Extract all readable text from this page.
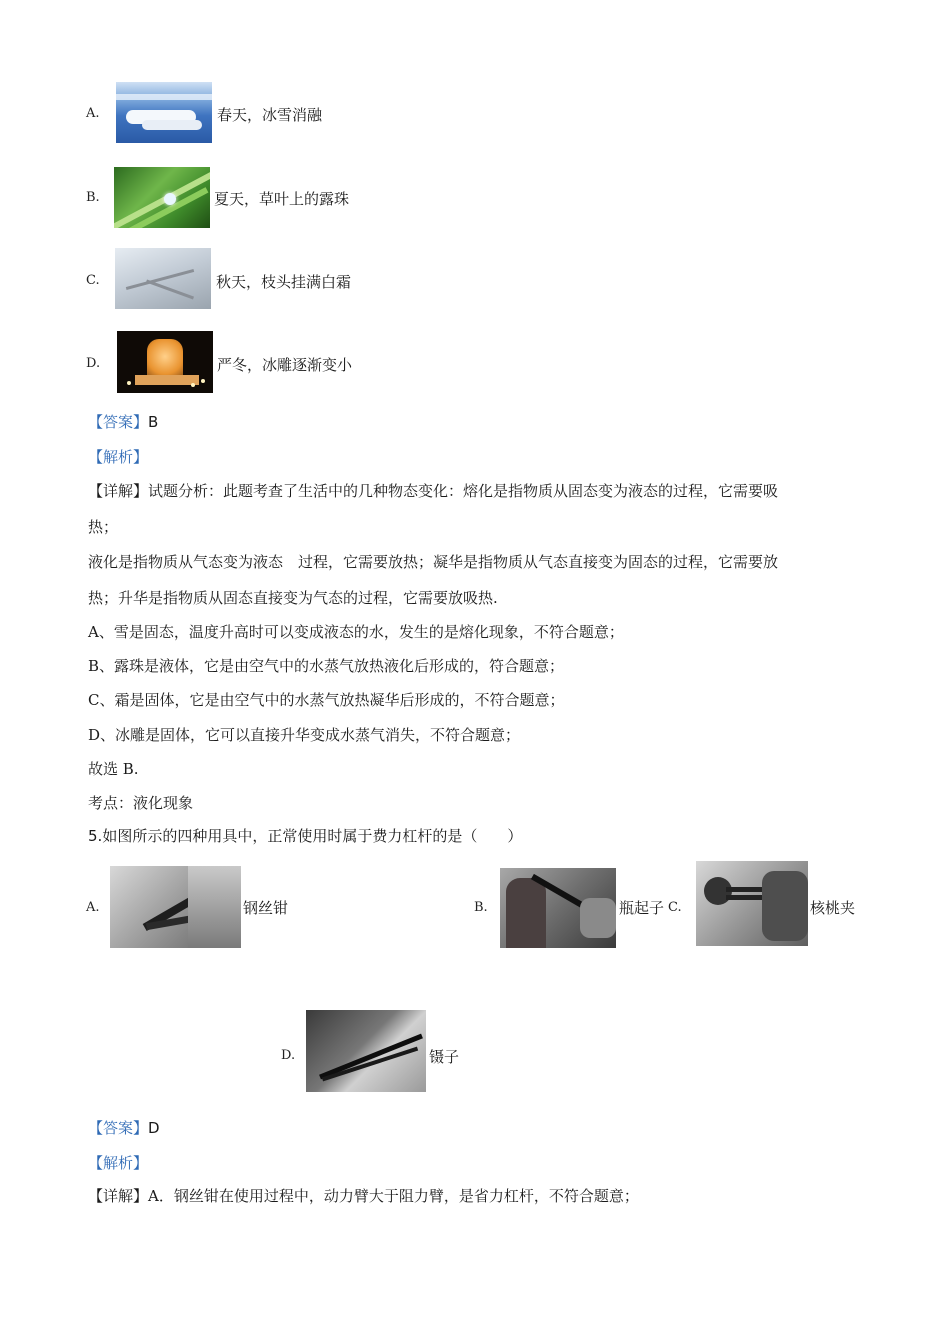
A.	春天，冰雪消融
B.	夏天，草叶上的露珠
C.	秋天，枝头挂满白霜
D.	严冬，冰雕逐渐变小
【答案】B
【解析】
【详解】试题分析：此题考查了生活中的几种物态变化：熔化是指物质从固态变为液态的过程，它需要吸
热；
液化是指物质从气态变为液态　过程，它需要放热；凝华是指物质从气态直接变为固态的过程，它需要放
热；升华是指物质从固态直接变为气态的过程，它需要放吸热.
A、雪是固态，温度升高时可以变成液态的水，发生的是熔化现象，不符合题意；
B、露珠是液体，它是由空气中的水蒸气放热液化后形成的，符合题意；
C、霜是固体，它是由空气中的水蒸气放热凝华后形成的，不符合题意；
D、冰雕是固体，它可以直接升华变成水蒸气消失，不符合题意；
故选 B.
考点：液化现象
5.如图所示的四种用具中，正常使用时属于费力杠杆的是（　　）
A.	钢丝钳	B.	瓶起子 C.	核桃夹
D.	镊子
【答案】D
【解析】
【详解】A．钢丝钳在使用过程中，动力臂大于阻力臂，是省力杠杆，不符合题意；
